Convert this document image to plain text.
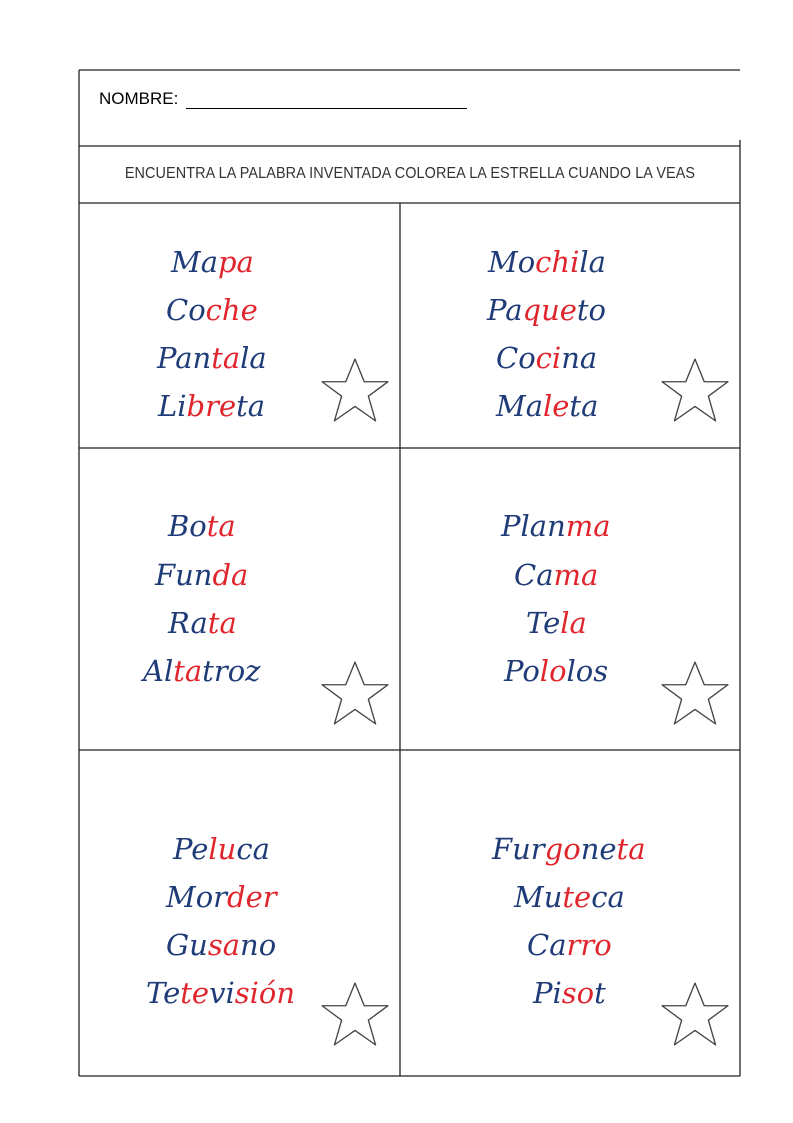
NOMBRE:
ENCUENTRA LA PALABRA INVENTADA COLOREA LA ESTRELLA CUANDO LA VEAS
Mapa
Coche
Pantala
Libreta
Mochila
Paqueto
Cocina
Maleta
Bota
Funda
Rata
Altatroz
Planma
Cama
Tela
Pololos
Peluca
Morder
Gusano
Tetevisión
Furgoneta
Muteca
Carro
Pisot
